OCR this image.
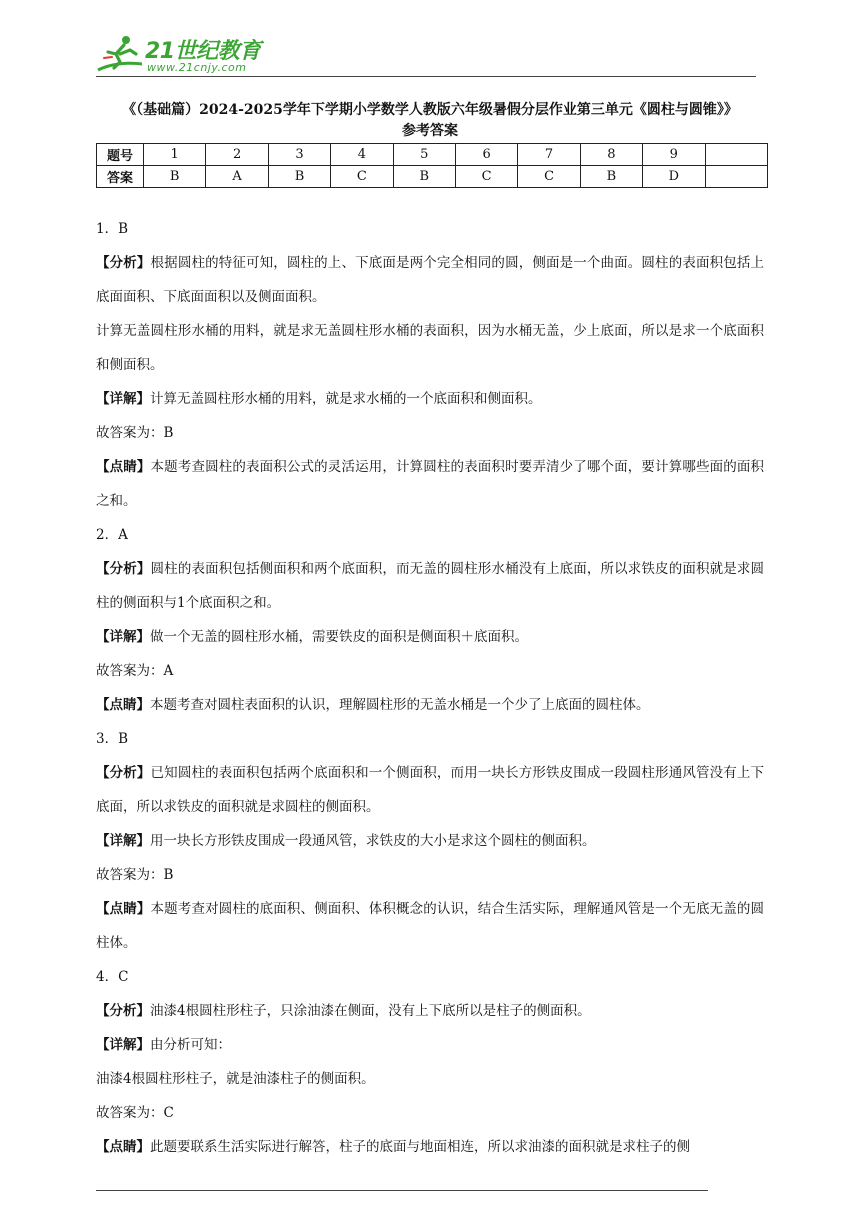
21世纪教育
www.21cnjy.com
《（基础篇）2024-2025学年下学期小学数学人教版六年级暑假分层作业第三单元《圆柱与圆锥》》
参考答案
题号	1	2	3	4	5	6	7	8	9	
答案	B	A	B	C	B	C	C	B	D	

1．B

【分析】根据圆柱的特征可知，圆柱的上、下底面是两个完全相同的圆，侧面是一个曲面。圆柱的表面积包括上底面面积、下底面面积以及侧面面积。

计算无盖圆柱形水桶的用料，就是求无盖圆柱形水桶的表面积，因为水桶无盖，少上底面，所以是求一个底面积和侧面积。

【详解】计算无盖圆柱形水桶的用料，就是求水桶的一个底面积和侧面积。

故答案为：B

【点睛】本题考查圆柱的表面积公式的灵活运用，计算圆柱的表面积时要弄清少了哪个面，要计算哪些面的面积之和。

2．A

【分析】圆柱的表面积包括侧面积和两个底面积，而无盖的圆柱形水桶没有上底面，所以求铁皮的面积就是求圆柱的侧面积与1个底面积之和。

【详解】做一个无盖的圆柱形水桶，需要铁皮的面积是侧面积＋底面积。

故答案为：A

【点睛】本题考查对圆柱表面积的认识，理解圆柱形的无盖水桶是一个少了上底面的圆柱体。

3．B

【分析】已知圆柱的表面积包括两个底面积和一个侧面积，而用一块长方形铁皮围成一段圆柱形通风管没有上下底面，所以求铁皮的面积就是求圆柱的侧面积。

【详解】用一块长方形铁皮围成一段通风管，求铁皮的大小是求这个圆柱的侧面积。

故答案为：B

【点睛】本题考查对圆柱的底面积、侧面积、体积概念的认识，结合生活实际，理解通风管是一个无底无盖的圆柱体。

4．C

【分析】油漆4根圆柱形柱子，只涂油漆在侧面，没有上下底所以是柱子的侧面积。

【详解】由分析可知：

油漆4根圆柱形柱子，就是油漆柱子的侧面积。

故答案为：C

【点睛】此题要联系生活实际进行解答，柱子的底面与地面相连，所以求油漆的面积就是求柱子的侧
